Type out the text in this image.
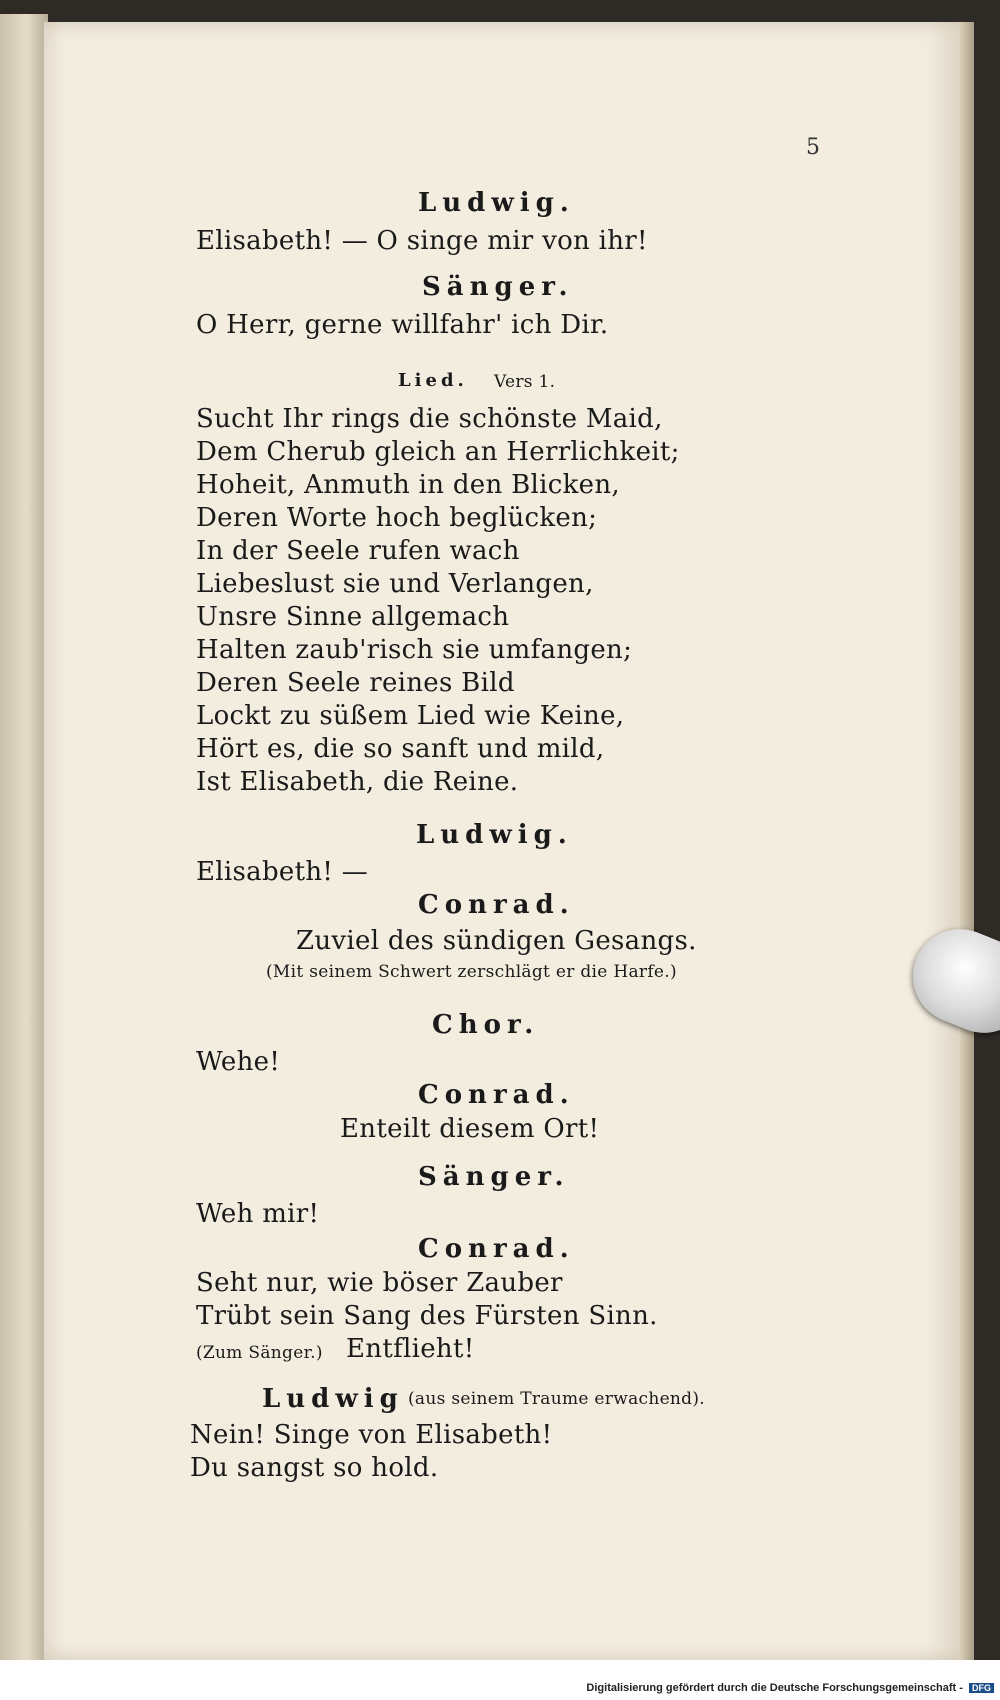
5
Ludwig.
Elisabeth! — O singe mir von ihr!
Sänger.
O Herr, gerne willfahr' ich Dir.
Lied. Vers 1.
Sucht Ihr rings die schönste Maid,
Dem Cherub gleich an Herrlichkeit;
Hoheit, Anmuth in den Blicken,
Deren Worte hoch beglücken;
In der Seele rufen wach
Liebeslust sie und Verlangen,
Unsre Sinne allgemach
Halten zaub'risch sie umfangen;
Deren Seele reines Bild
Lockt zu süßem Lied wie Keine,
Hört es, die so sanft und mild,
Ist Elisabeth, die Reine.
Ludwig.
Elisabeth! —
Conrad.
Zuviel des sündigen Gesangs.
(Mit seinem Schwert zerschlägt er die Harfe.)
Chor.
Wehe!
Conrad.
Enteilt diesem Ort!
Sänger.
Weh mir!
Conrad.
Seht nur, wie böser Zauber
Trübt sein Sang des Fürsten Sinn.
(Zum Sänger.) Entflieht!
Ludwig (aus seinem Traume erwachend).
Nein! Singe von Elisabeth!
Du sangst so hold.
Digitalisierung gefördert durch die Deutsche Forschungsgemeinschaft - DFG
